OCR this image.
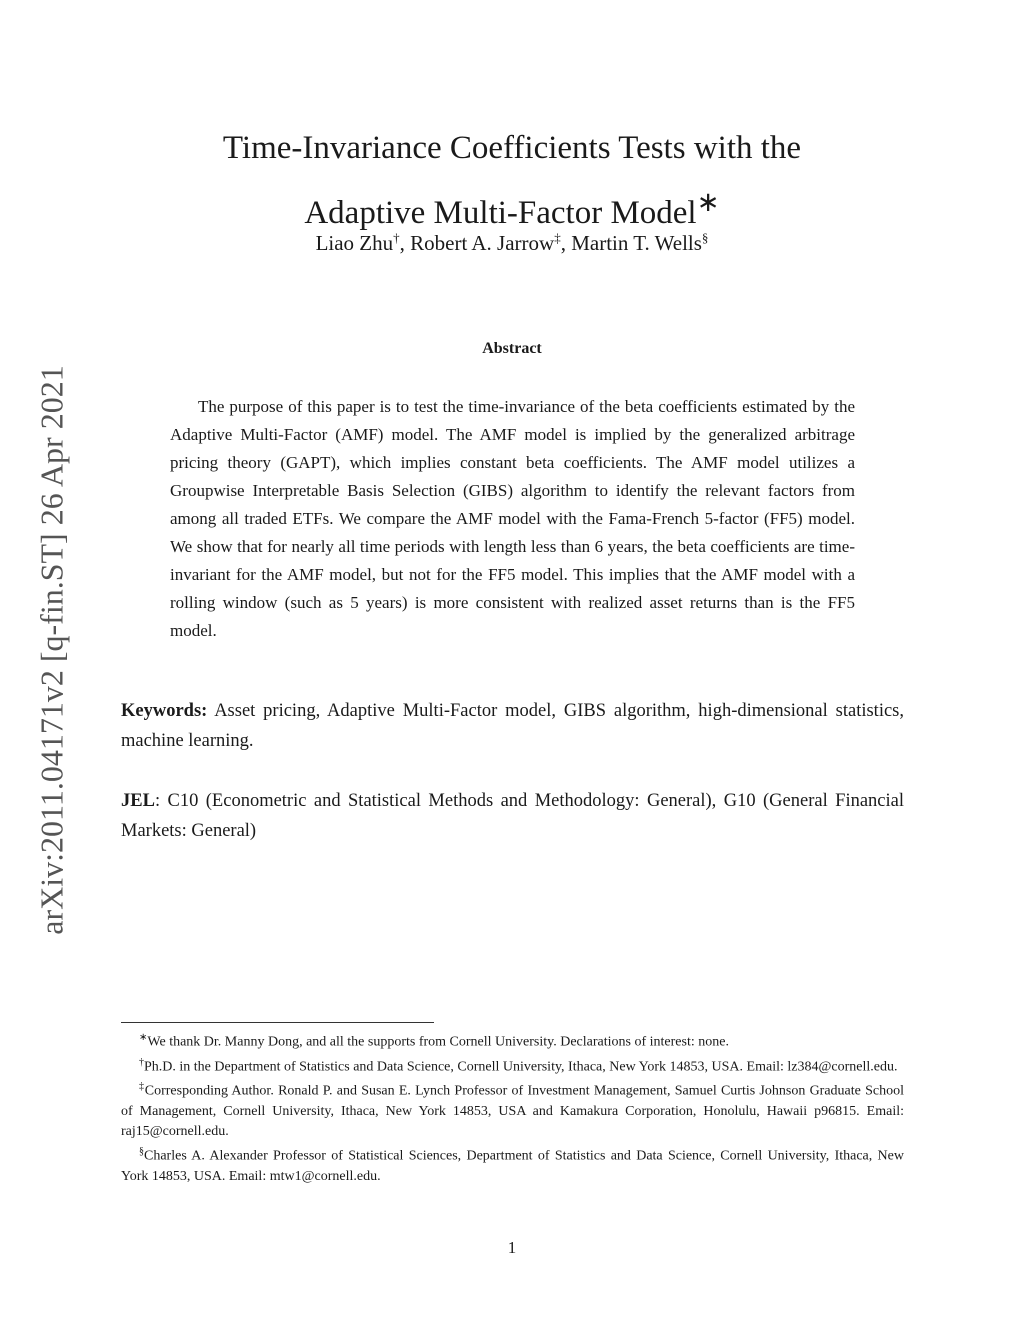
arXiv:2011.04171v2 [q-fin.ST] 26 Apr 2021
Time-Invariance Coefficients Tests with the
Adaptive Multi-Factor Model∗
Liao Zhu†, Robert A. Jarrow‡, Martin T. Wells§
Abstract

The purpose of this paper is to test the time-invariance of the beta coefficients estimated by the Adaptive Multi-Factor (AMF) model. The AMF model is implied by the generalized arbitrage pricing theory (GAPT), which implies constant beta coefficients. The AMF model utilizes a Groupwise Interpretable Basis Selection (GIBS) algorithm to identify the relevant factors from among all traded ETFs. We compare the AMF model with the Fama-French 5-factor (FF5) model. We show that for nearly all time periods with length less than 6 years, the beta coefficients are time-invariant for the AMF model, but not for the FF5 model. This implies that the AMF model with a rolling window (such as 5 years) is more consistent with realized asset returns than is the FF5 model.

Keywords: Asset pricing, Adaptive Multi-Factor model, GIBS algorithm, high-dimensional statistics, machine learning.

JEL: C10 (Econometric and Statistical Methods and Methodology: General), G10 (General Financial Markets: General)

∗We thank Dr. Manny Dong, and all the supports from Cornell University. Declarations of interest: none.

†Ph.D. in the Department of Statistics and Data Science, Cornell University, Ithaca, New York 14853, USA. Email: lz384@cornell.edu.

‡Corresponding Author. Ronald P. and Susan E. Lynch Professor of Investment Management, Samuel Curtis Johnson Graduate School of Management, Cornell University, Ithaca, New York 14853, USA and Kamakura Corporation, Honolulu, Hawaii p96815. Email: raj15@cornell.edu.

§Charles A. Alexander Professor of Statistical Sciences, Department of Statistics and Data Science, Cornell University, Ithaca, New York 14853, USA. Email: mtw1@cornell.edu.

1
